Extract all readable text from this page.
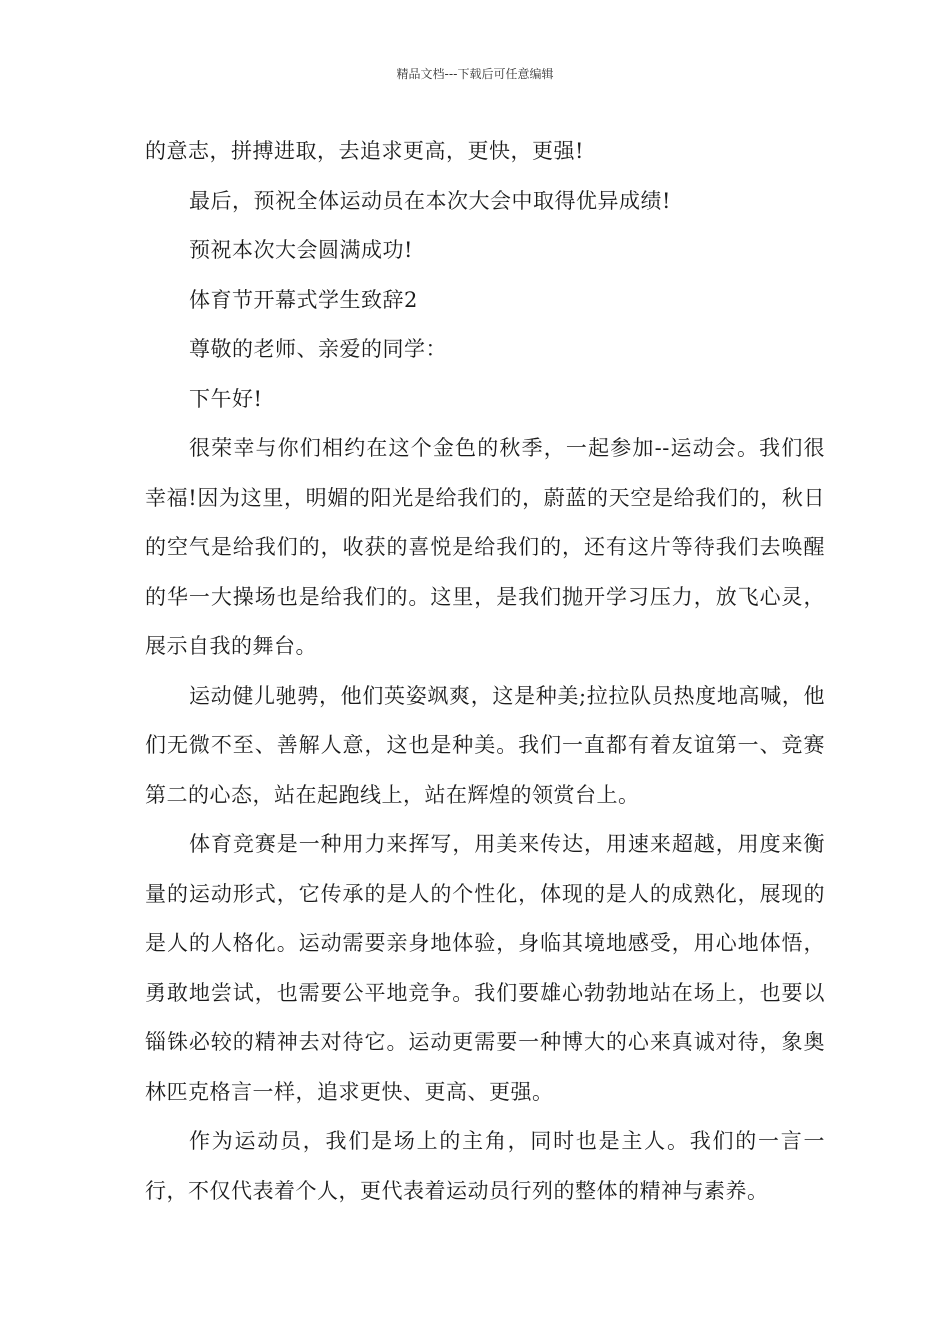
精品文档---下载后可任意编辑

的意志，拼搏进取，去追求更高，更快，更强!

最后，预祝全体运动员在本次大会中取得优异成绩!

预祝本次大会圆满成功!

体育节开幕式学生致辞2

尊敬的老师、亲爱的同学：

下午好!

很荣幸与你们相约在这个金色的秋季，一起参加--运动会。我们很幸福!因为这里，明媚的阳光是给我们的，蔚蓝的天空是给我们的，秋日的空气是给我们的，收获的喜悦是给我们的，还有这片等待我们去唤醒的华一大操场也是给我们的。这里，是我们抛开学习压力，放飞心灵，展示自我的舞台。

运动健儿驰骋，他们英姿飒爽，这是种美;拉拉队员热度地高喊，他们无微不至、善解人意，这也是种美。我们一直都有着友谊第一、竞赛第二的心态，站在起跑线上，站在辉煌的领赏台上。

体育竞赛是一种用力来挥写，用美来传达，用速来超越，用度来衡量的运动形式，它传承的是人的个性化，体现的是人的成熟化，展现的是人的人格化。运动需要亲身地体验，身临其境地感受，用心地体悟，勇敢地尝试，也需要公平地竞争。我们要雄心勃勃地站在场上，也要以锱铢必较的精神去对待它。运动更需要一种博大的心来真诚对待，象奥林匹克格言一样，追求更快、更高、更强。

作为运动员，我们是场上的主角，同时也是主人。我们的一言一行，不仅代表着个人，更代表着运动员行列的整体的精神与素养。
